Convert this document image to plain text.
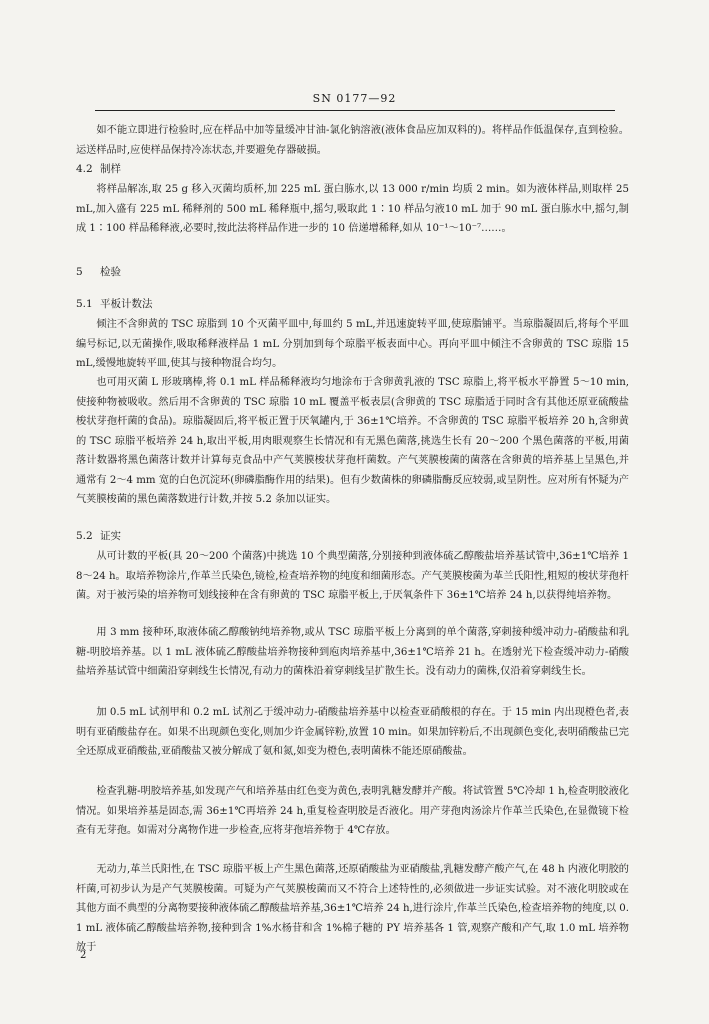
SN 0177—92
如不能立即进行检验时,应在样品中加等量缓冲甘油-氯化钠溶液(液体食品应加双料的)。将样品作低温保存,直到检验。运送样品时,应使样品保持冷冻状态,并要避免存器破损。
4.2 制样
将样品解冻,取 25 g 移入灭菌均质杯,加 225 mL 蛋白胨水,以 13 000 r/min 均质 2 min。如为液体样品,则取样 25 mL,加入盛有 225 mL 稀释剂的 500 mL 稀释瓶中,摇匀,吸取此 1∶10 样品匀液10 mL 加于 90 mL 蛋白胨水中,摇匀,制成 1∶100 样品稀释液,必要时,按此法将样品作进一步的 10 倍递增稀释,如从 10⁻¹～10⁻⁷……。
5 检验
5.1 平板计数法
倾注不含卵黄的 TSC 琼脂到 10 个灭菌平皿中,每皿约 5 mL,并迅速旋转平皿,使琼脂铺平。当琼脂凝固后,将每个平皿编号标记,以无菌操作,吸取稀释液样品 1 mL 分别加到每个琼脂平板表面中心。再向平皿中倾注不含卵黄的 TSC 琼脂 15 mL,缓慢地旋转平皿,使其与接种物混合均匀。
也可用灭菌 L 形玻璃棒,将 0.1 mL 样品稀释液均匀地涂布于含卵黄乳液的 TSC 琼脂上,将平板水平静置 5～10 min,使接种物被吸收。然后用不含卵黄的 TSC 琼脂 10 mL 覆盖平板表层(含卵黄的 TSC 琼脂适于同时含有其他还原亚硫酸盐梭状芽孢杆菌的食品)。琼脂凝固后,将平板正置于厌氧罐内,于 36±1℃培养。不含卵黄的 TSC 琼脂平板培养 20 h,含卵黄的 TSC 琼脂平板培养 24 h,取出平板,用肉眼观察生长情况和有无黑色菌落,挑选生长有 20～200 个黑色菌落的平板,用菌落计数器将黑色菌落计数并计算每克食品中产气荚膜梭状芽孢杆菌数。产气荚膜梭菌的菌落在含卵黄的培养基上呈黑色,并通常有 2～4 mm 宽的白色沉淀环(卵磷脂酶作用的结果)。但有少数菌株的卵磷脂酶反应较弱,或呈阴性。应对所有怀疑为产气荚膜梭菌的黑色菌落数进行计数,并按 5.2 条加以证实。
5.2 证实
从可计数的平板(具 20～200 个菌落)中挑选 10 个典型菌落,分别接种到液体硫乙醇酸盐培养基试管中,36±1℃培养 18～24 h。取培养物涂片,作革兰氏染色,镜检,检查培养物的纯度和细菌形态。产气荚膜梭菌为革兰氏阳性,粗短的梭状芽孢杆菌。对于被污染的培养物可划线接种在含有卵黄的 TSC 琼脂平板上,于厌氧条件下 36±1℃培养 24 h,以获得纯培养物。
用 3 mm 接种环,取液体硫乙醇酸钠纯培养物,或从 TSC 琼脂平板上分离到的单个菌落,穿刺接种缓冲动力-硝酸盐和乳糖-明胶培养基。以 1 mL 液体硫乙醇酸盐培养物接种到庖肉培养基中,36±1℃培养 21 h。在透射光下检查缓冲动力-硝酸盐培养基试管中细菌沿穿刺线生长情况,有动力的菌株沿着穿刺线呈扩散生长。没有动力的菌株,仅沿着穿刺线生长。
加 0.5 mL 试剂甲和 0.2 mL 试剂乙于缓冲动力-硝酸盐培养基中以检查亚硝酸根的存在。于 15 min 内出现橙色者,表明有亚硝酸盐存在。如果不出现颜色变化,则加少许金属锌粉,放置 10 min。如果加锌粉后,不出现颜色变化,表明硝酸盐已完全还原成亚硝酸盐,亚硝酸盐又被分解成了氨和氮,如变为橙色,表明菌株不能还原硝酸盐。
检查乳糖-明胶培养基,如发现产气和培养基由红色变为黄色,表明乳糖发酵并产酸。将试管置 5℃冷却 1 h,检查明胶液化情况。如果培养基是固态,需 36±1℃再培养 24 h,重复检查明胶是否液化。用产芽孢肉汤涂片作革兰氏染色,在显微镜下检查有无芽孢。如需对分离物作进一步检查,应将芽孢培养物于 4℃存放。
无动力,革兰氏阳性,在 TSC 琼脂平板上产生黑色菌落,还原硝酸盐为亚硝酸盐,乳糖发酵产酸产气,在 48 h 内液化明胶的杆菌,可初步认为是产气荚膜梭菌。可疑为产气荚膜梭菌而又不符合上述特性的,必须做进一步证实试验。对不液化明胶或在其他方面不典型的分离物要接种液体硫乙醇酸盐培养基,36±1℃培养 24 h,进行涂片,作革兰氏染色,检查培养物的纯度,以 0.1 mL 液体硫乙醇酸盐培养物,接种到含 1%水杨苷和含 1%棉子糖的 PY 培养基各 1 管,观察产酸和产气,取 1.0 mL 培养物放于
2
